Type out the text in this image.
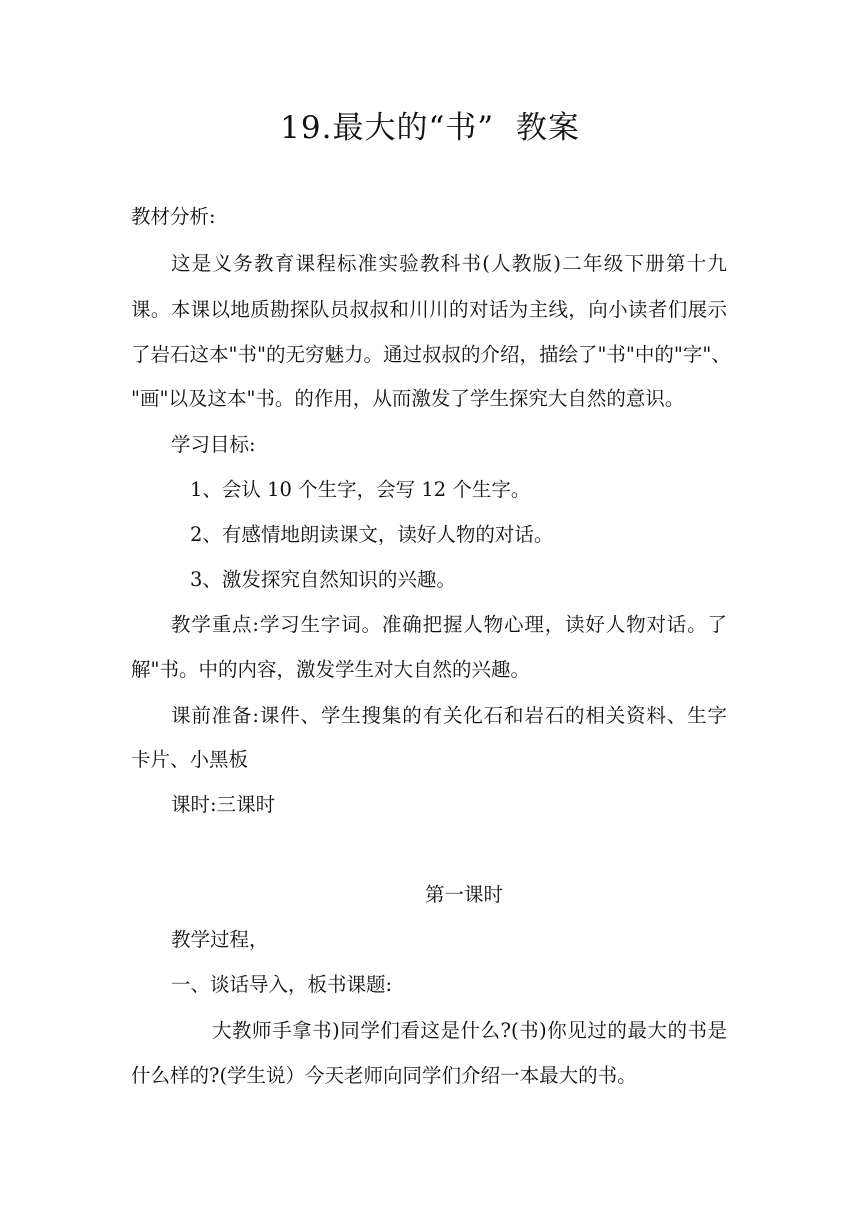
19.最大的“书”  教案
教材分析:
这是义务教育课程标准实验教科书(人教版)二年级下册第十九
课。本课以地质勘探队员叔叔和川川的对话为主线，向小读者们展示
了岩石这本"书"的无穷魅力。通过叔叔的介绍，描绘了"书"中的"字"、
"画"以及这本"书。的作用，从而激发了学生探究大自然的意识。
学习目标:
1、会认 10 个生字，会写 12 个生字。
2、有感情地朗读课文，读好人物的对话。
3、激发探究自然知识的兴趣。
教学重点:学习生字词。准确把握人物心理，读好人物对话。了
解"书。中的内容，激发学生对大自然的兴趣。
课前准备:课件、学生搜集的有关化石和岩石的相关资料、生字
卡片、小黑板
课时:三课时
第一课时
教学过程，
一、谈话导入，板书课题:
大教师手拿书)同学们看这是什么?(书)你见过的最大的书是
什么样的?(学生说）今天老师向同学们介绍一本最大的书。
